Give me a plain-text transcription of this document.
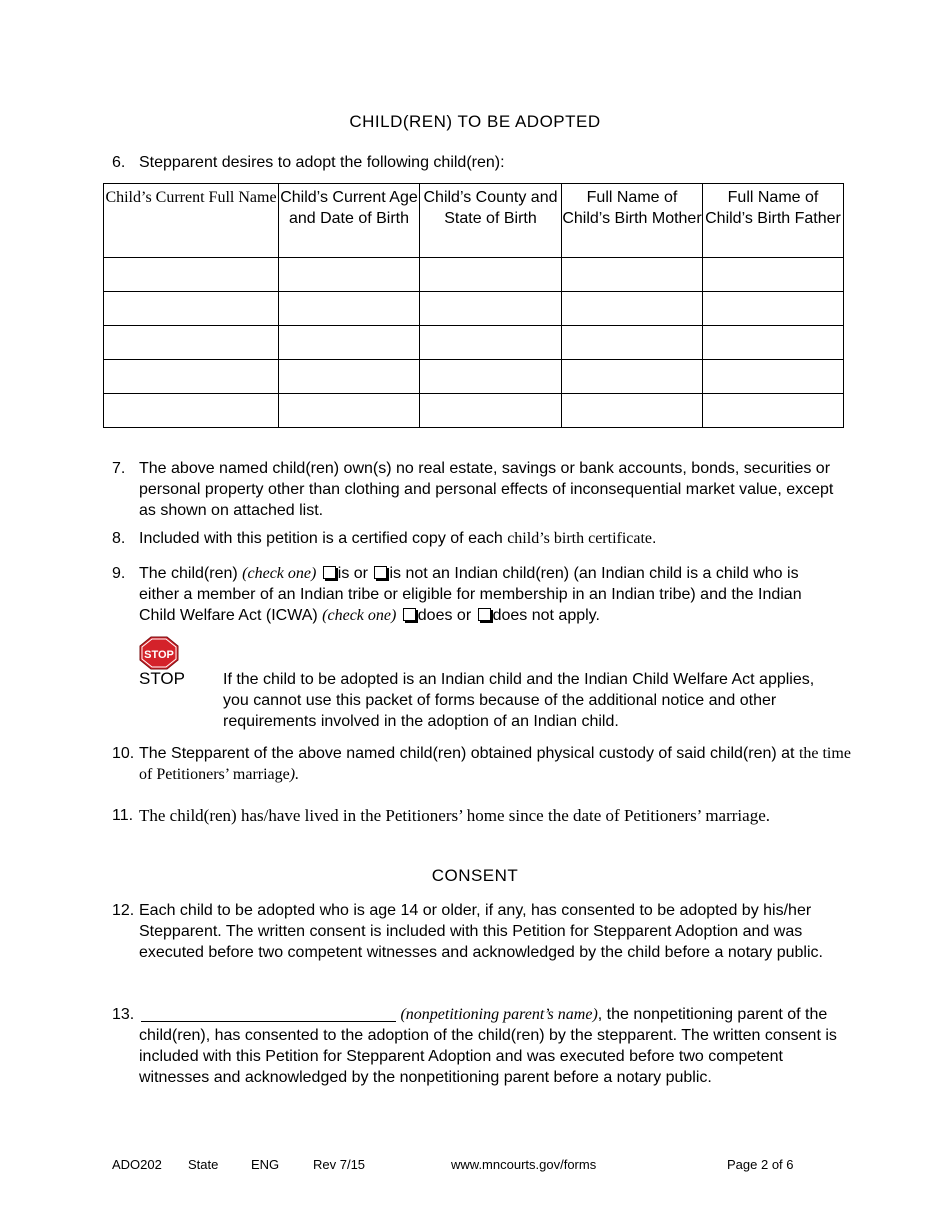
CHILD(REN) TO BE ADOPTED
6. Stepparent desires to adopt the following child(ren):
Child’s Current Full Name	Child’s Current Age and Date of Birth	Child’s County and State of Birth	Full Name of Child’s Birth Mother	Full Name of Child’s Birth Father

7. The above named child(ren) own(s) no real estate, savings or bank accounts, bonds, securities or personal property other than clothing and personal effects of inconsequential market value, except as shown on attached list.
8. Included with this petition is a certified copy of each child’s birth certificate.
9. The child(ren) (check one) is or is not an Indian child(ren) (an Indian child is a child who is either a member of an Indian tribe or eligible for membership in an Indian tribe) and the Indian Child Welfare Act (ICWA) (check one) does or does not apply.
STOP
STOP If the child to be adopted is an Indian child and the Indian Child Welfare Act applies, you cannot use this packet of forms because of the additional notice and other requirements involved in the adoption of an Indian child.
10. The Stepparent of the above named child(ren) obtained physical custody of said child(ren) at the time of Petitioners’ marriage).
11. The child(ren) has/have lived in the Petitioners’ home since the date of Petitioners’ marriage.
CONSENT
12. Each child to be adopted who is age 14 or older, if any, has consented to be adopted by his/her Stepparent. The written consent is included with this Petition for Stepparent Adoption and was executed before two competent witnesses and acknowledged by the child before a notary public.
13.	(nonpetitioning parent’s name), the nonpetitioning parent of the child(ren), has consented to the adoption of the child(ren) by the stepparent. The written consent is included with this Petition for Stepparent Adoption and was executed before two competent witnesses and acknowledged by the nonpetitioning parent before a notary public.
ADO202 State	ENG	Rev 7/15	www.mncourts.gov/forms	Page 2 of 6
